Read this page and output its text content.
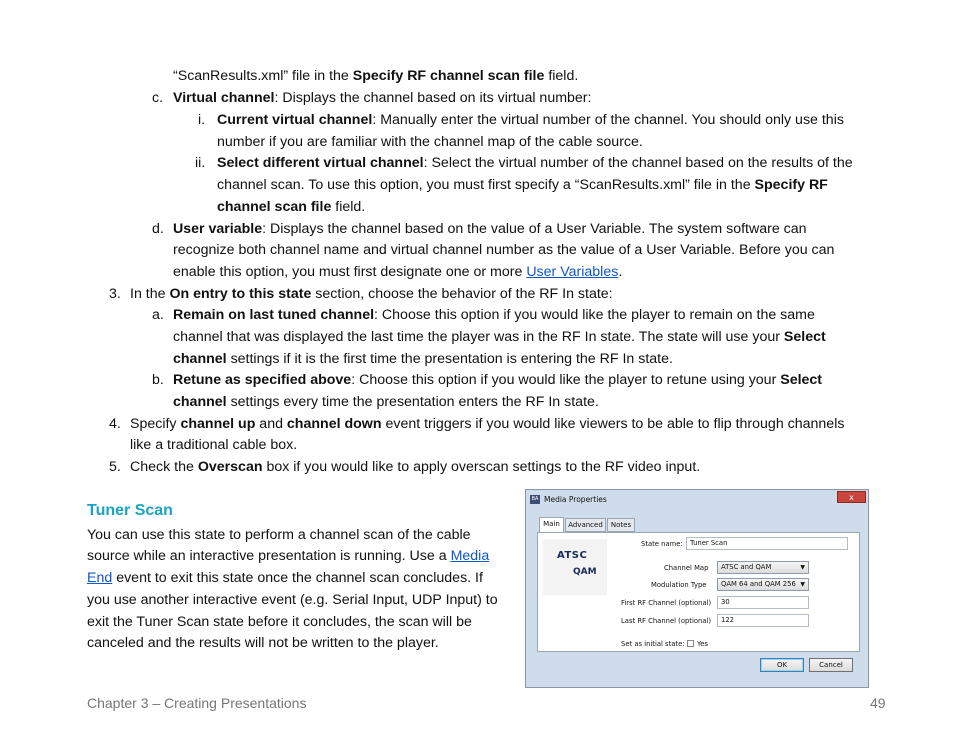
“ScanResults.xml” file in the Specify RF channel scan file field.
c. Virtual channel: Displays the channel based on its virtual number:
i. Current virtual channel: Manually enter the virtual number of the channel. You should only use this
number if you are familiar with the channel map of the cable source.
ii. Select different virtual channel: Select the virtual number of the channel based on the results of the
channel scan. To use this option, you must first specify a “ScanResults.xml” file in the Specify RF
channel scan file field.
d. User variable: Displays the channel based on the value of a User Variable. The system software can
recognize both channel name and virtual channel number as the value of a User Variable. Before you can
enable this option, you must first designate one or more User Variables.
3. In the On entry to this state section, choose the behavior of the RF In state:
a. Remain on last tuned channel: Choose this option if you would like the player to remain on the same
channel that was displayed the last time the player was in the RF In state. The state will use your Select
channel settings if it is the first time the presentation is entering the RF In state.
b. Retune as specified above: Choose this option if you would like the player to retune using your Select
channel settings every time the presentation enters the RF In state.
4. Specify channel up and channel down event triggers if you would like viewers to be able to flip through channels
like a traditional cable box.
5. Check the Overscan box if you would like to apply overscan settings to the RF video input.
Tuner Scan
You can use this state to perform a channel scan of the cable
source while an interactive presentation is running. Use a Media
End event to exit this state once the channel scan concludes. If
you use another interactive event (e.g. Serial Input, UDP Input) to
exit the Tuner Scan state before it concludes, the scan will be
canceled and the results will not be written to the player.
BA Media Properties	x
Main	Advanced	Notes
ATSC
QAM
State name:	Tuner Scan
Channel Map	ATSC and QAM	▼
Modulation Type	QAM 64 and QAM 256 ▼
First RF Channel (optional)	30
Last RF Channel (optional)	122
Set as initial state: Yes
OK	Cancel
Chapter 3 – Creating Presentations	49
